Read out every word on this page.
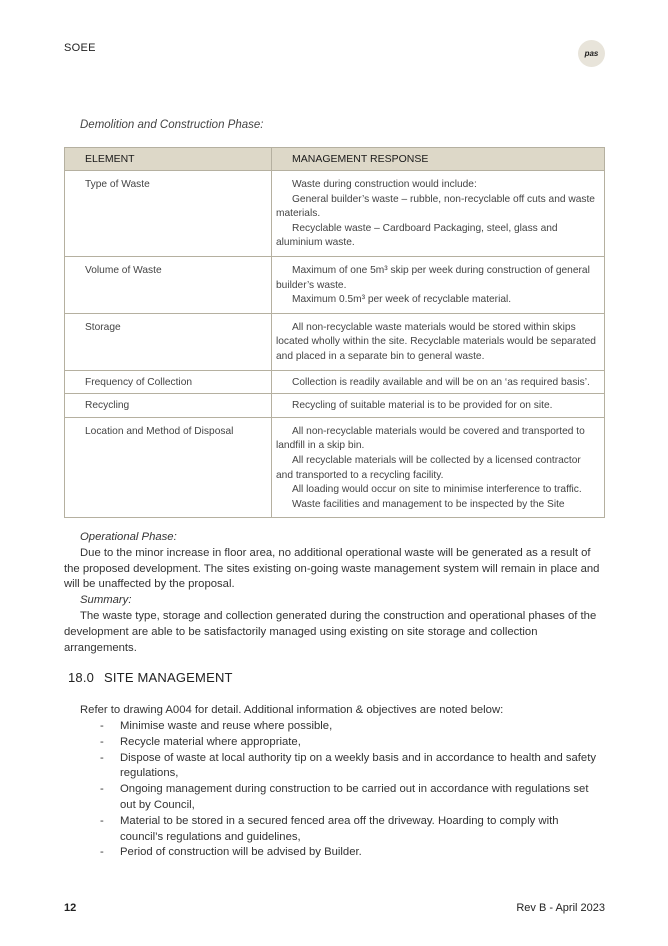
SOEE	pas
Demolition and Construction Phase:
ELEMENT	MANAGEMENT RESPONSE
Type of Waste	Waste during construction would include:

General builder’s waste – rubble, non-recyclable off cuts and waste materials.

Recyclable waste – Cardboard Packaging, steel, glass and aluminium waste.

Volume of Waste	Maximum of one 5m³ skip per week during construction of general builder’s waste.

Maximum 0.5m³ per week of recyclable material.

Storage	All non-recyclable waste materials would be stored within skips located wholly within the site. Recyclable materials would be separated and placed in a separate bin to general waste.

Frequency of Collection	Collection is readily available and will be on an ‘as required basis’.

Recycling	Recycling of suitable material is to be provided for on site.

Location and Method of Disposal	All non-recyclable materials would be covered and transported to landfill in a skip bin.

All recyclable materials will be collected by a licensed contractor and transported to a recycling facility.

All loading would occur on site to minimise interference to traffic.

Waste facilities and management to be inspected by the Site

Operational Phase:

Due to the minor increase in floor area, no additional operational waste will be generated as a result of the proposed development. The sites existing on-going waste management system will remain in place and will be unaffected by the proposal.

Summary:

The waste type, storage and collection generated during the construction and operational phases of the development are able to be satisfactorily managed using existing on site storage and collection arrangements.

18.0 SITE MANAGEMENT
Refer to drawing A004 for detail. Additional information & objectives are noted below:
- Minimise waste and reuse where possible,
- Recycle material where appropriate,
- Dispose of waste at local authority tip on a weekly basis and in accordance to health and safety regulations,
- Ongoing management during construction to be carried out in accordance with regulations set out by Council,
- Material to be stored in a secured fenced area off the driveway. Hoarding to comply with council’s regulations and guidelines,
- Period of construction will be advised by Builder.
12	Rev B - April 2023
